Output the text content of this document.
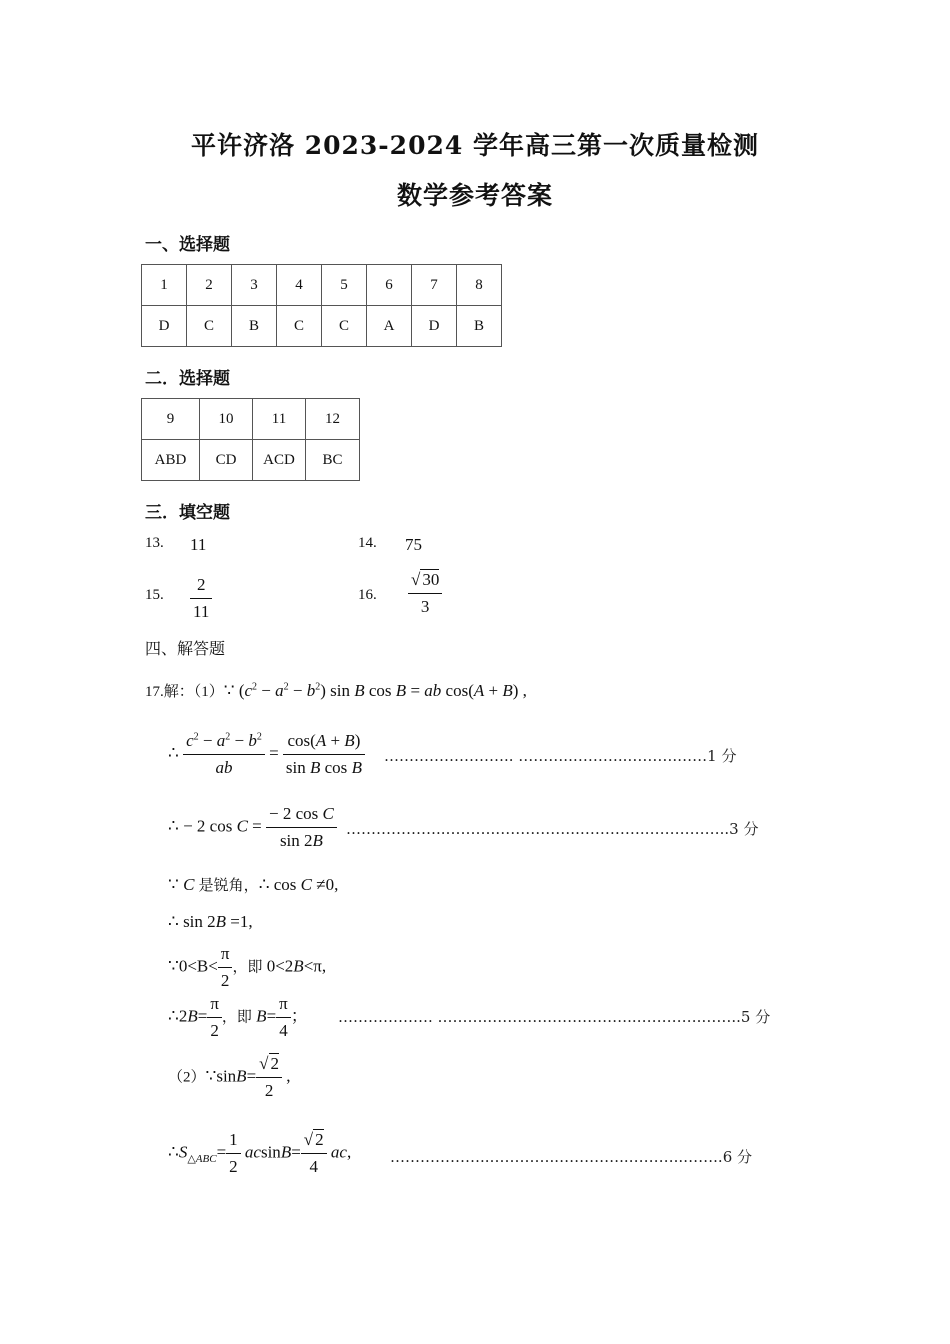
平许济洛 2023-2024 学年高三第一次质量检测
数学参考答案
一、选择题
1	2	3	4	5	6	7	8
D	C	B	C	C	A	D	B
二．选择题
9	10	11	12
ABD	CD	ACD	BC
三．填空题
13. 11	14. 75
15. $\frac{2}{11}$	16. $\frac{√ 30}{3}$
四、解答题
17.解：（1）∵ $(c^2 - a^2 - b^2)$ sin B cos B = ab cos(A + B) ,
∴ $\frac{c^2 - a^2 - b^2}{ab} = \frac{\cos(A + B)}{\text{sin B cos B}}$ …………………….. ………..………..……….……1 分
∴ − 2 $\cos C = \frac{\text{− 2 cos C}}{\sin 2B}$ ………………..……….……………..………….……………..3 分
∵ C 是锐角，∴ cos C ≠0,
∴ sin 2B =1,
∵0<B< $\frac{\pi}{2}$ ，即 0<2B<π,
∴2B= $\frac{\pi}{2}$ ，即 $B= \frac{\pi}{4}$ ； ………………. ……….………….……………..………….……..5 分
（2）∵sinB= $\frac{√ 2}{2}$ ,
$\therefore S_{\triangle ABC}= \frac{1}{2} acsinB= \frac{√ 2}{4}$ ac,	………………..…………..…………..………..……..6 分
